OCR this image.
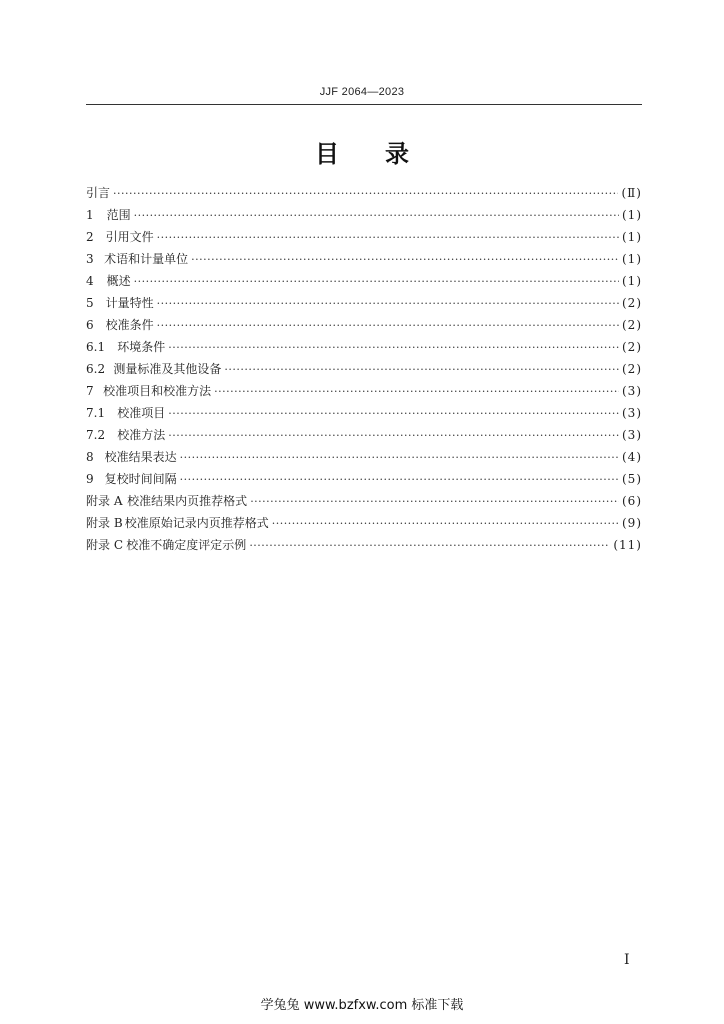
JJF 2064—2023
目 录
引言 ·····	(Ⅱ)
1	范围 ·····	(1)
2 引用文件 ·····	(1)
3 术语和计量单位 ·····	(1)
4	概述 ·····	(1)
5 计量特性 ·····	(2)
6 校准条件 ·····	(2)
6.1	环境条件 ·····	(2)
6.2 测量标准及其他设备 ·····	(2)
7 校准项目和校准方法 ·····	(3)
7.1	校准项目 ·····	(3)
7.2	校准方法 ·····	(3)
8 校准结果表达 ·····	(4)
9 复校时间间隔 ·····	(5)
附录 A 校准结果内页推荐格式 ·····	(6)
附录 B 校准原始记录内页推荐格式 ·····	(9)
附录 C 校准不确定度评定示例 ·····	(11)
I
学兔兔 www.bzfxw.com 标准下载
